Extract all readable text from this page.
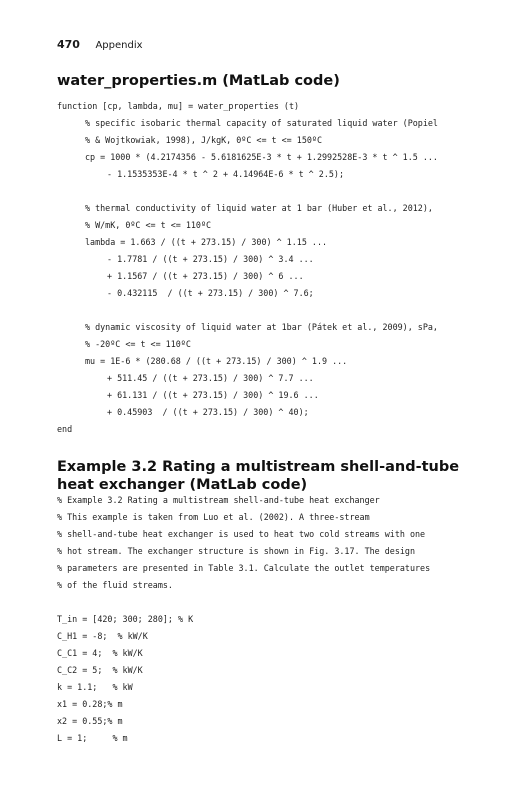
470 Appendix
water_properties.m (MatLab code)
function [cp, lambda, mu] = water_properties (t)
% specific isobaric thermal capacity of saturated liquid water (Popiel
% & Wojtkowiak, 1998), J/kgK, 0ºC <= t <= 150ºC
cp = 1000 * (4.2174356 - 5.6181625E-3 * t + 1.2992528E-3 * t ^ 1.5 ...
- 1.1535353E-4 * t ^ 2 + 4.14964E-6 * t ^ 2.5);
% thermal conductivity of liquid water at 1 bar (Huber et al., 2012),
% W/mK, 0ºC <= t <= 110ºC
lambda = 1.663 / ((t + 273.15) / 300) ^ 1.15 ...
- 1.7781 / ((t + 273.15) / 300) ^ 3.4 ...
+ 1.1567 / ((t + 273.15) / 300) ^ 6 ...
- 0.432115  / ((t + 273.15) / 300) ^ 7.6;
% dynamic viscosity of liquid water at 1bar (Pátek et al., 2009), sPa,
% -20ºC <= t <= 110ºC
mu = 1E-6 * (280.68 / ((t + 273.15) / 300) ^ 1.9 ...
+ 511.45 / ((t + 273.15) / 300) ^ 7.7 ...
+ 61.131 / ((t + 273.15) / 300) ^ 19.6 ...
+ 0.45903  / ((t + 273.15) / 300) ^ 40);
end
Example 3.2 Rating a multistream shell-and-tube heat exchanger (MatLab code)
% Example 3.2 Rating a multistream shell-and-tube heat exchanger
% This example is taken from Luo et al. (2002). A three-stream
% shell-and-tube heat exchanger is used to heat two cold streams with one
% hot stream. The exchanger structure is shown in Fig. 3.17. The design
% parameters are presented in Table 3.1. Calculate the outlet temperatures
% of the fluid streams.
T_in = [420; 300; 280]; % K
C_H1 = -8;  % kW/K
C_C1 = 4;  % kW/K
C_C2 = 5;  % kW/K
k = 1.1;   % kW
x1 = 0.28;% m
x2 = 0.55;% m
L = 1;     % m
